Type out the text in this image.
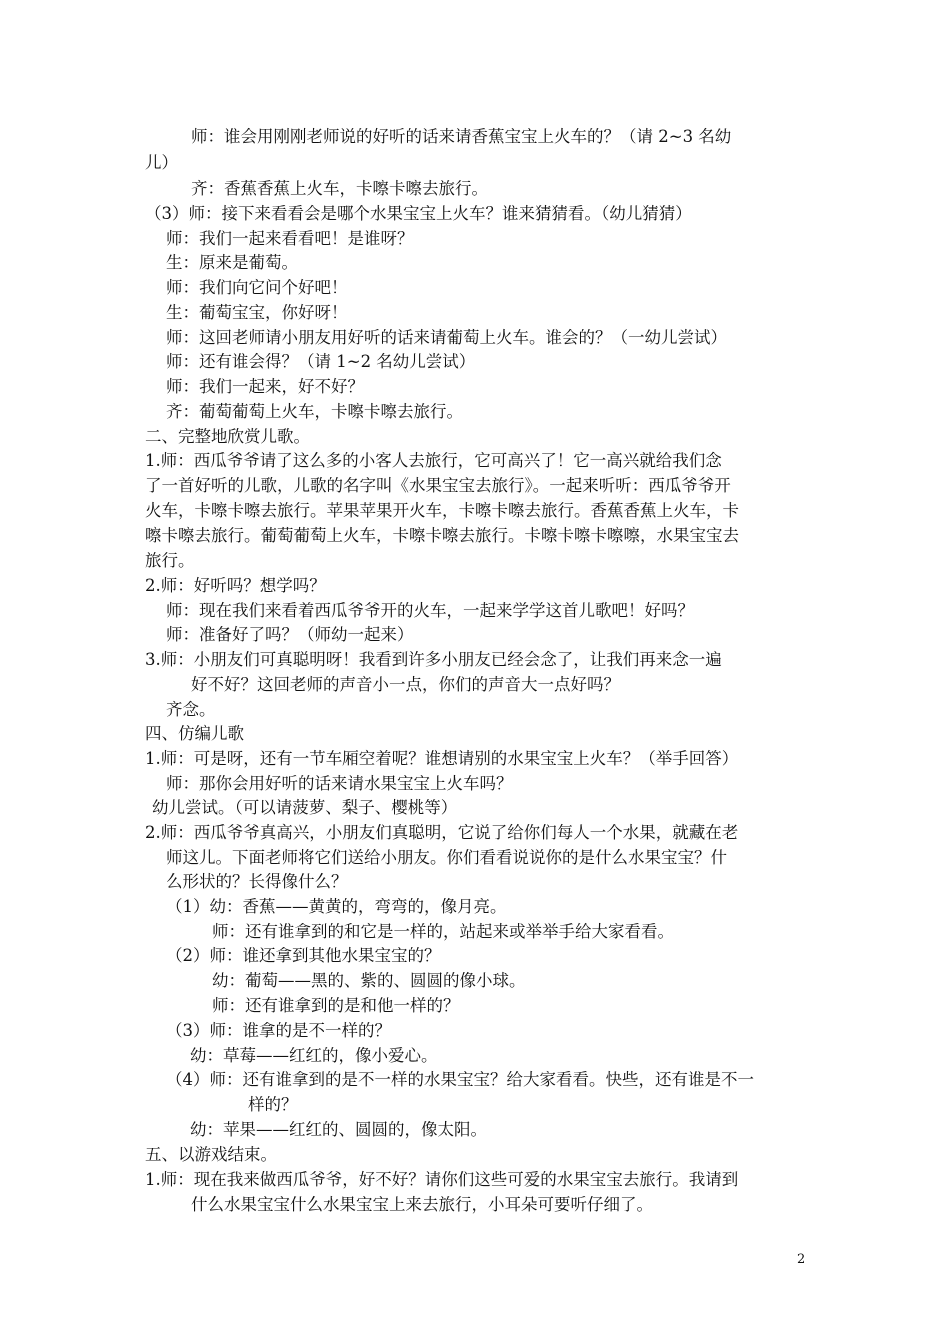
师：谁会用刚刚老师说的好听的话来请香蕉宝宝上火车的？（请 2~3 名幼
儿）
齐：香蕉香蕉上火车，卡嚓卡嚓去旅行。
（3）师：接下来看看会是哪个水果宝宝上火车？谁来猜猜看。（幼儿猜猜）
师：我们一起来看看吧！是谁呀？
生：原来是葡萄。
师：我们向它问个好吧！
生：葡萄宝宝，你好呀！
师：这回老师请小朋友用好听的话来请葡萄上火车。谁会的？（一幼儿尝试）
师：还有谁会得？（请 1~2 名幼儿尝试）
师：我们一起来，好不好？
齐：葡萄葡萄上火车，卡嚓卡嚓去旅行。
二、完整地欣赏儿歌。
1.师：西瓜爷爷请了这么多的小客人去旅行，它可高兴了！它一高兴就给我们念
了一首好听的儿歌，儿歌的名字叫《水果宝宝去旅行》。一起来听听：西瓜爷爷开
火车，卡嚓卡嚓去旅行。苹果苹果开火车，卡嚓卡嚓去旅行。香蕉香蕉上火车，卡
嚓卡嚓去旅行。葡萄葡萄上火车，卡嚓卡嚓去旅行。卡嚓卡嚓卡嚓嚓，水果宝宝去
旅行。
2.师：好听吗？想学吗？
师：现在我们来看着西瓜爷爷开的火车，一起来学学这首儿歌吧！好吗？
师：准备好了吗？（师幼一起来）
3.师：小朋友们可真聪明呀！我看到许多小朋友已经会念了，让我们再来念一遍
好不好？这回老师的声音小一点，你们的声音大一点好吗？
齐念。
四、仿编儿歌
1.师：可是呀，还有一节车厢空着呢？谁想请别的水果宝宝上火车？（举手回答）
师：那你会用好听的话来请水果宝宝上火车吗？
幼儿尝试。（可以请菠萝、梨子、樱桃等）
2.师：西瓜爷爷真高兴，小朋友们真聪明，它说了给你们每人一个水果，就藏在老
师这儿。下面老师将它们送给小朋友。你们看看说说你的是什么水果宝宝？什
么形状的？长得像什么？
（1）幼：香蕉——黄黄的，弯弯的，像月亮。
师：还有谁拿到的和它是一样的，站起来或举举手给大家看看。
（2）师：谁还拿到其他水果宝宝的？
幼：葡萄——黑的、紫的、圆圆的像小球。
师：还有谁拿到的是和他一样的？
（3）师：谁拿的是不一样的？
幼：草莓——红红的，像小爱心。
（4）师：还有谁拿到的是不一样的水果宝宝？给大家看看。快些，还有谁是不一
样的？
幼：苹果——红红的、圆圆的，像太阳。
五、以游戏结束。
1.师：现在我来做西瓜爷爷，好不好？请你们这些可爱的水果宝宝去旅行。我请到
什么水果宝宝什么水果宝宝上来去旅行，小耳朵可要听仔细了。
2
